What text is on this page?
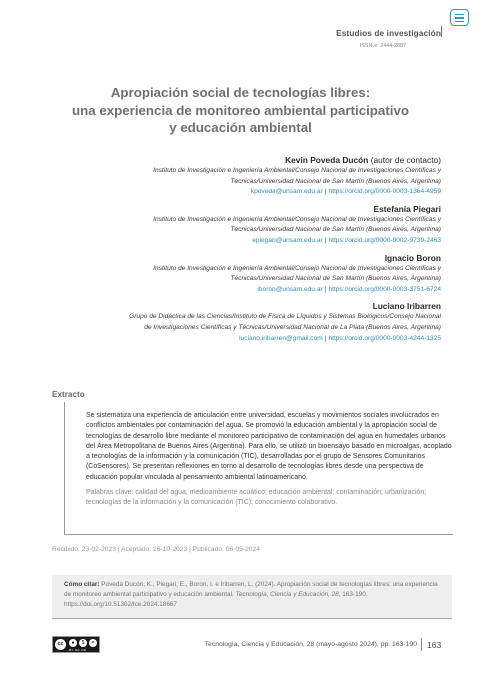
Estudios de investigación
ISSN-e: 2444-2887
Apropiación social de tecnologías libres:
una experiencia de monitoreo ambiental participativo
y educación ambiental
Kevin Poveda Ducón (autor de contacto)
Instituto de Investigación e Ingeniería Ambiental/Consejo Nacional de Investigaciones Científicas y
Técnicas/Universidad Nacional de San Martín (Buenos Aires, Argentina)
kpoveda@unsam.edu.ar | https://orcid.org/0000-0003-1364-4959
Estefanía Piegari
Instituto de Investigación e Ingeniería Ambiental/Consejo Nacional de Investigaciones Científicas y
Técnicas/Universidad Nacional de San Martín (Buenos Aires, Argentina)
epiegari@unsam.edu.ar | https://orcid.org/0000-0002-9739-2463
Ignacio Boron
Instituto de Investigación e Ingeniería Ambiental/Consejo Nacional de Investigaciones Científicas y
Técnicas/Universidad Nacional de San Martín (Buenos Aires, Argentina)
iboron@unsam.edu.ar | https://orcid.org/0000-0003-3751-6724
Luciano Iribarren
Grupo de Didáctica de las Ciencias/Instituto de Física de Líquidos y Sistemas Biológicos/Consejo Nacional
de Investigaciones Científicas y Técnicas/Universidad Nacional de La Plata (Buenos Aires, Argentina)
luciano.iribarren@gmail.com | https://orcid.org/0000-0003-4244-1325
Extracto

Se sistematiza una experiencia de articulación entre universidad, escuelas y movimientos sociales involucrados en conflictos ambientales por contaminación del agua. Se promovió la educación ambiental y la apropiación social de tecnologías de desarrollo libre mediante el monitoreo participativo de contaminación del agua en humedales urbanos del Área Metropolitana de Buenos Aires (Argentina). Para ello, se utilizó un bioensayo basado en microalgas, acoplado a tecnologías de la información y la comunicación (TIC), desarrolladas por el grupo de Sensores Comunitarios (CoSensores). Se presentan reflexiones en torno al desarrollo de tecnologías libres desde una perspectiva de educación popular vinculada al pensamiento ambiental latinoamericano.

Palabras clave: calidad del agua; medioambiente acuático; educación ambiental; contaminación; urbanización; tecnologías de la información y la comunicación (TIC); conocimiento colaborativo.

Recibido: 23-02-2023 | Aceptado: 26-10-2023 | Publicado: 06-05-2024

Cómo citar: Poveda Ducón, K., Piegari, E., Boron, I. e Iribarren, L. (2024). Apropiación social de tecnologías libres: una experiencia de monitoreo ambiental participativo y educación ambiental. Tecnología, Ciencia y Educación, 28, 163-190. https://doi.org/10.51302/tce.2024.18667

cc	●	$	=
BY NC ND
Tecnología, Ciencia y Educación, 28 (mayo-agosto 2024), pp. 163-190 163
